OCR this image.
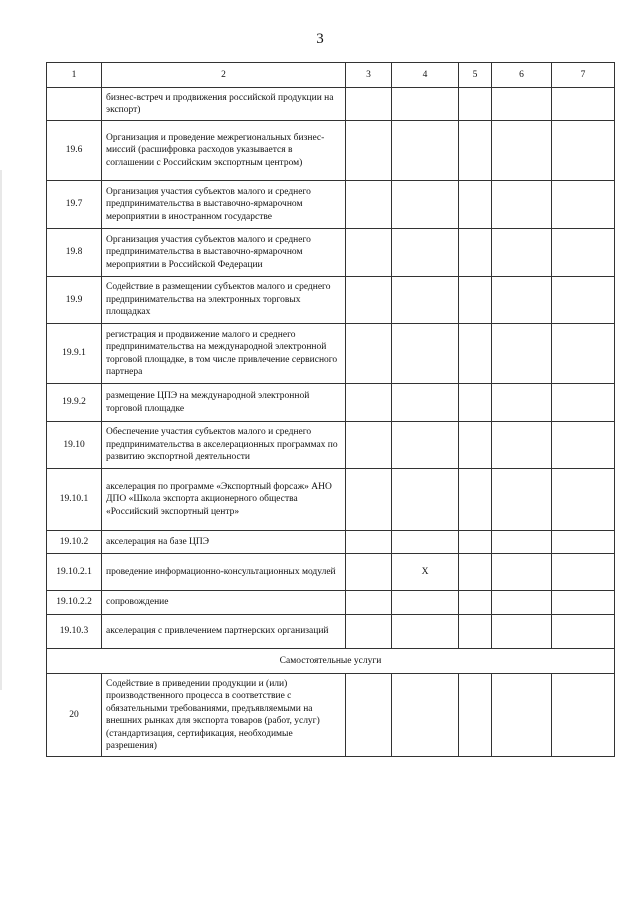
3
1	2	3	4	5	6	7
	бизнес-встреч и продвижения российской продукции на экспорт)					
19.6	Организация и проведение межрегиональных бизнес-миссий (расшифровка расходов указывается в соглашении с Российским экспортным центром)					
19.7	Организация участия субъектов малого и среднего предпринимательства в выставочно-ярмарочном мероприятии в иностранном государстве					
19.8	Организация участия субъектов малого и среднего предпринимательства в выставочно-ярмарочном мероприятии в Российской Федерации					
19.9	Содействие в размещении субъектов малого и среднего предпринимательства на электронных торговых площадках					
19.9.1	регистрация и продвижение малого и среднего предпринимательства на международной электронной торговой площадке, в том числе привлечение сервисного партнера					
19.9.2	размещение ЦПЭ на международной электронной торговой площадке					
19.10	Обеспечение участия субъектов малого и среднего предпринимательства в акселерационных программах по развитию экспортной деятельности					
19.10.1	акселерация по программе «Экспортный форсаж» АНО ДПО «Школа экспорта акционерного общества «Российский экспортный центр»					
19.10.2	акселерация на базе ЦПЭ					
19.10.2.1	проведение информационно-консультационных модулей		Х			
19.10.2.2	сопровождение					
19.10.3	акселерация с привлечением партнерских организаций					
Самостоятельные услуги						
20	Содействие в приведении продукции и (или) производственного процесса в соответствие с обязательными требованиями, предъявляемыми на внешних рынках для экспорта товаров (работ, услуг) (стандартизация, сертификация, необходимые разрешения)					
